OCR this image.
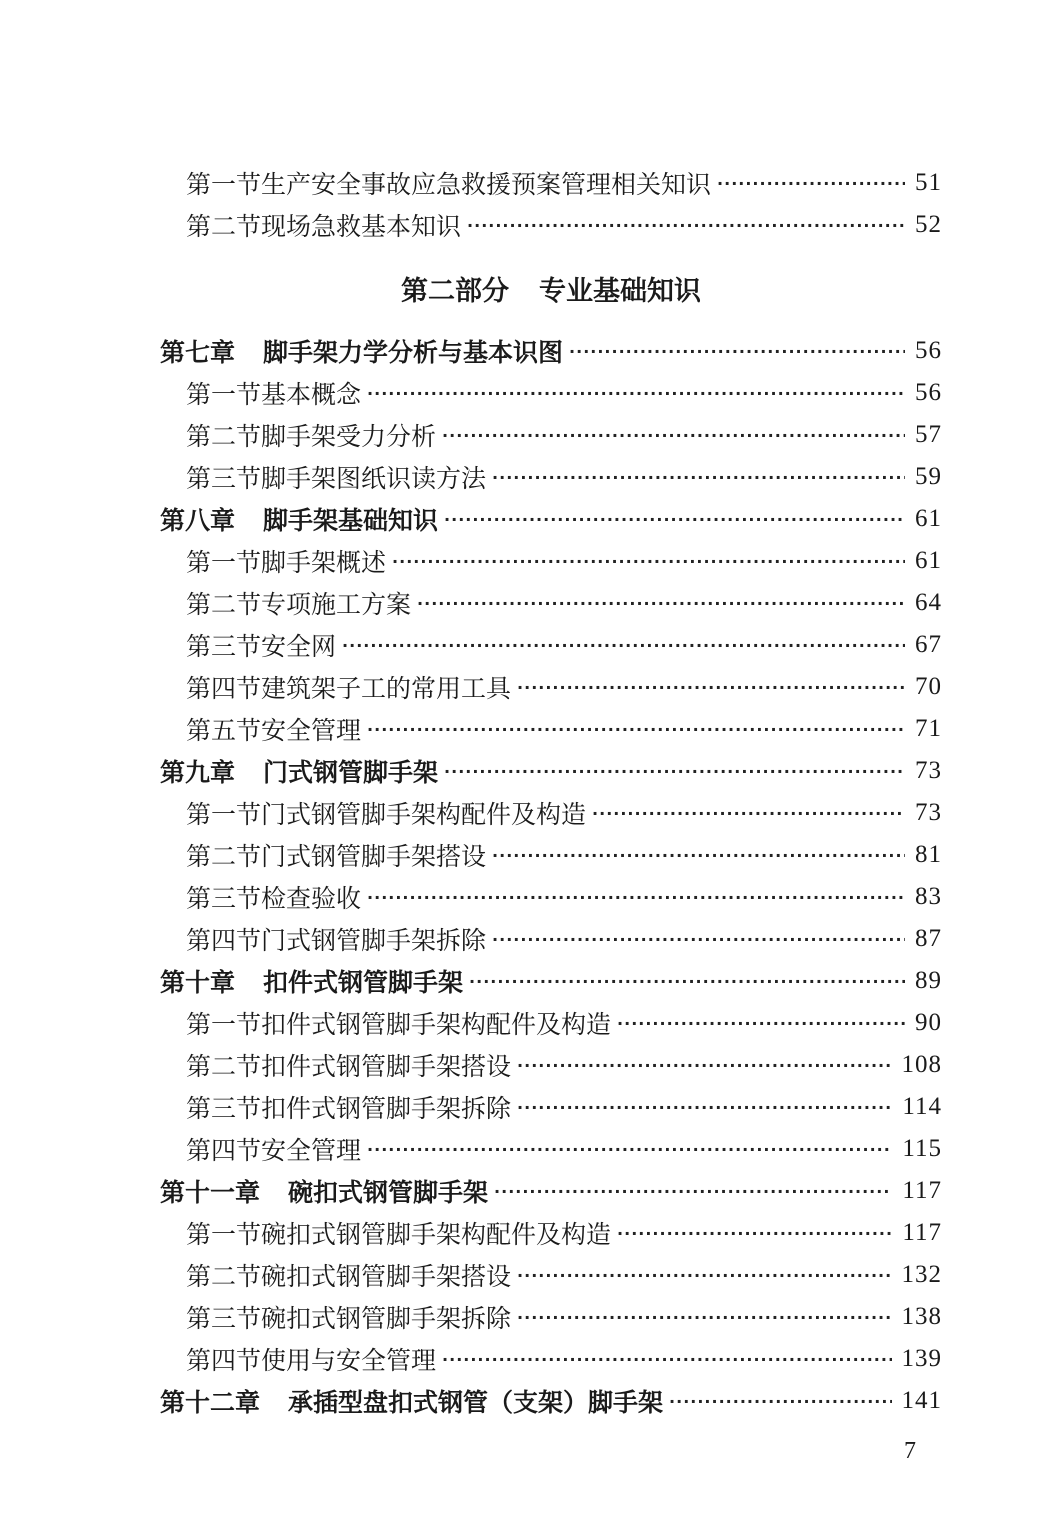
第一节 生产安全事故应急救援预案管理相关知识 ·····	51
第二节 现场急救基本知识 ·····	52
第二部分 专业基础知识
第七章 脚手架力学分析与基本识图 ·····	56
第一节 基本概念 ·····	56
第二节 脚手架受力分析 ·····	57
第三节 脚手架图纸识读方法 ·····	59
第八章 脚手架基础知识 ·····	61
第一节 脚手架概述 ·····	61
第二节 专项施工方案 ·····	64
第三节 安全网 ·····	67
第四节 建筑架子工的常用工具 ·····	70
第五节 安全管理 ·····	71
第九章 门式钢管脚手架 ·····	73
第一节 门式钢管脚手架构配件及构造 ·····	73
第二节 门式钢管脚手架搭设 ·····	81
第三节 检查验收 ·····	83
第四节 门式钢管脚手架拆除 ·····	87
第十章 扣件式钢管脚手架 ·····	89
第一节 扣件式钢管脚手架构配件及构造 ·····	90
第二节 扣件式钢管脚手架搭设 ·····	108
第三节 扣件式钢管脚手架拆除 ·····	114
第四节 安全管理 ·····	115
第十一章 碗扣式钢管脚手架 ·····	117
第一节 碗扣式钢管脚手架构配件及构造 ·····	117
第二节 碗扣式钢管脚手架搭设 ·····	132
第三节 碗扣式钢管脚手架拆除 ·····	138
第四节 使用与安全管理 ·····	139
第十二章 承插型盘扣式钢管（支架）脚手架 ·····	141
7
